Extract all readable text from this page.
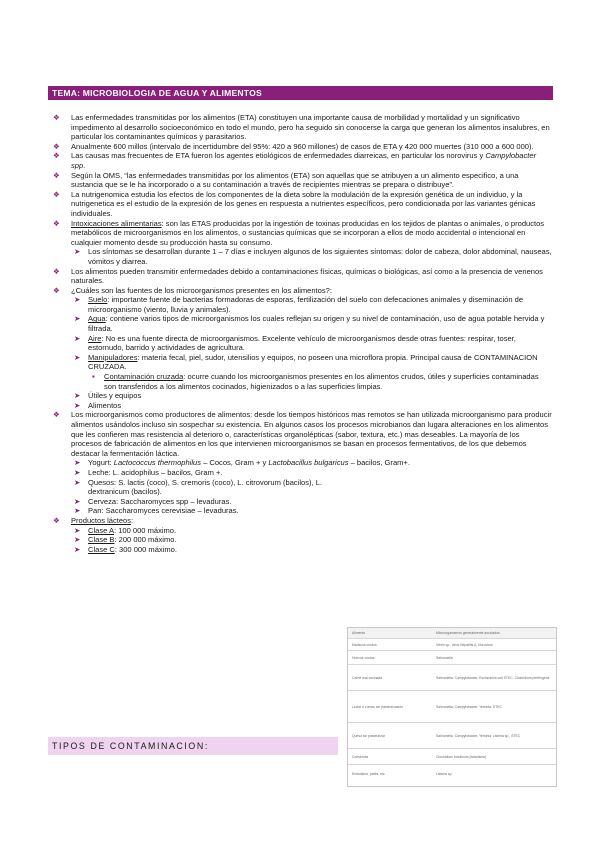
TEMA: MICROBIOLOGIA DE AGUA Y ALIMENTOS

❖ Las enfermedades transmitidas por los alimentos (ETA) constituyen una importante causa de morbilidad y mortalidad y un significativo impedimento al desarrollo socioeconómico en todo el mundo, pero ha seguido sin conocerse la carga que generan los alimentos insalubres, en particular los contaminantes químicos y parasitarios.

❖ Anualmente 600 millos (intervalo de incertidumbre del 95%: 420 a 960 millones) de casos de ETA y 420 000 muertes (310 000 a 600 000).

❖ Las causas mas frecuentes de ETA fueron los agentes etiológicos de enfermedades diarreicas, en particular los norovirus y Campylobacter spp.

❖ Según la OMS, “las enfermedades transmitidas por los alimentos (ETA) son aquellas que se atribuyen a un alimento especifico, a una sustancia que se le ha incorporado o a su contaminación a través de recipientes mientras se prepara o distribuye”.

❖ La nutrigenomica estudia los efectos de los componentes de la dieta sobre la modulación de la expresión genética de un individuo, y la nutrigenetica es el estudio de la expresión de los genes en respuesta a nutrientes específicos, pero condicionada por las variantes génicas individuales.

❖ Intoxicaciones alimentarias: son las ETAS producidas por la ingestión de toxinas producidas en los tejidos de plantas o animales, o productos metabólicos de microorganismos en los alimentos, o sustancias químicas que se incorporan a ellos de modo accidental o intencional en cualquier momento desde su producción hasta su consumo.

➤ Los síntomas se desarrollan durante 1 – 7 días e incluyen algunos de los siguientes síntomas: dolor de cabeza, dolor abdominal, nauseas, vómitos y diarrea.

❖ Los alimentos pueden transmitir enfermedades debido a contaminaciones físicas, químicas o biológicas, así como a la presencia de venenos naturales.

❖ ¿Cuáles son las fuentes de los microorganismos presentes en los alimentos?:

➤ Suelo: importante fuente de bacterias formadoras de esporas, fertilización del suelo con defecaciones animales y diseminación de microorganismo (viento, lluvia y animales).

➤ Agua: contiene varios tipos de microorganismos los cuales reflejan su origen y su nivel de contaminación, uso de agua potable hervida y filtrada.

➤ Aire: No es una fuente directa de microorganismos. Excelente vehículo de microorganismos desde otras fuentes: respirar, toser, estornudo, barrido y actividades de agricultura.

➤ Manipuladores: materia fecal, piel, sudor, utensilios y equipos, no poseen una microflora propia. Principal causa de CONTAMINACION CRUZADA.

▪ Contaminación cruzada: ocurre cuando los microorganismos presentes en los alimentos crudos, útiles y superficies contaminadas son transferidos a los alimentos cocinados, higienizados o a las superficies limpias.

➤ Útiles y equipos

➤ Alimentos

❖ Los microorganismos como productores de alimentos: desde los tiempos históricos mas remotos se han utilizada microorganismo para producir alimentos usándolos incluso sin sospechar su existencia. En algunos casos los procesos microbianos dan lugara alteraciones en los alimentos que les confieren mas resistencia al deterioro o, características organolépticas (sabor, textura, etc.) mas deseables. La mayoría de los procesos de fabricación de alimentos en los que intervienen microorganismos se basan en procesos fermentativos, de los que debemos destacar la fermentación láctica.

➤ Yogurt: Lactococcus thermophilus – Cocos, Gram + y Lactobacillus bulgaricus – bacilos, Gram+.

➤ Leche: L. acidophilus – bacilos, Gram +.

➤ Quesos: S. lactis (coco), S. cremoris (coco), L. citrovorum (bacilos), L. dextranicum (bacilos).

➤ Cerveza: Saccharomyces spp – levaduras.

➤ Pan: Saccharomyces cerevisiae – levaduras.

❖ Productos lácteos:

➤ Clase A: 100 000 máximo.

➤ Clase B: 200 000 máximo.

➤ Clase C: 300 000 máximo.

Alimento	Microorganismos generalmente asociados
Mariscos crudos	Vibrio sp., virus Hepatitis A, Norovirus
Huevos crudos	Salmonella
Carne mal cocinada	Salmonella, Campylobacter, Escherichia coli STEC, Clostridium perfringens
Leche o zumos sin pasteurización	Salmonella, Campylobacter, Yersinia, STEC
Queso sin pasteurizar	Salmonella, Campylobacter, Yersinia, Listeria sp., STEC
Conservas	Clostridium botulinum (botulismo)
Embutidos, patés, etc.	Listeria sp.
TIPOS DE CONTAMINACION:
